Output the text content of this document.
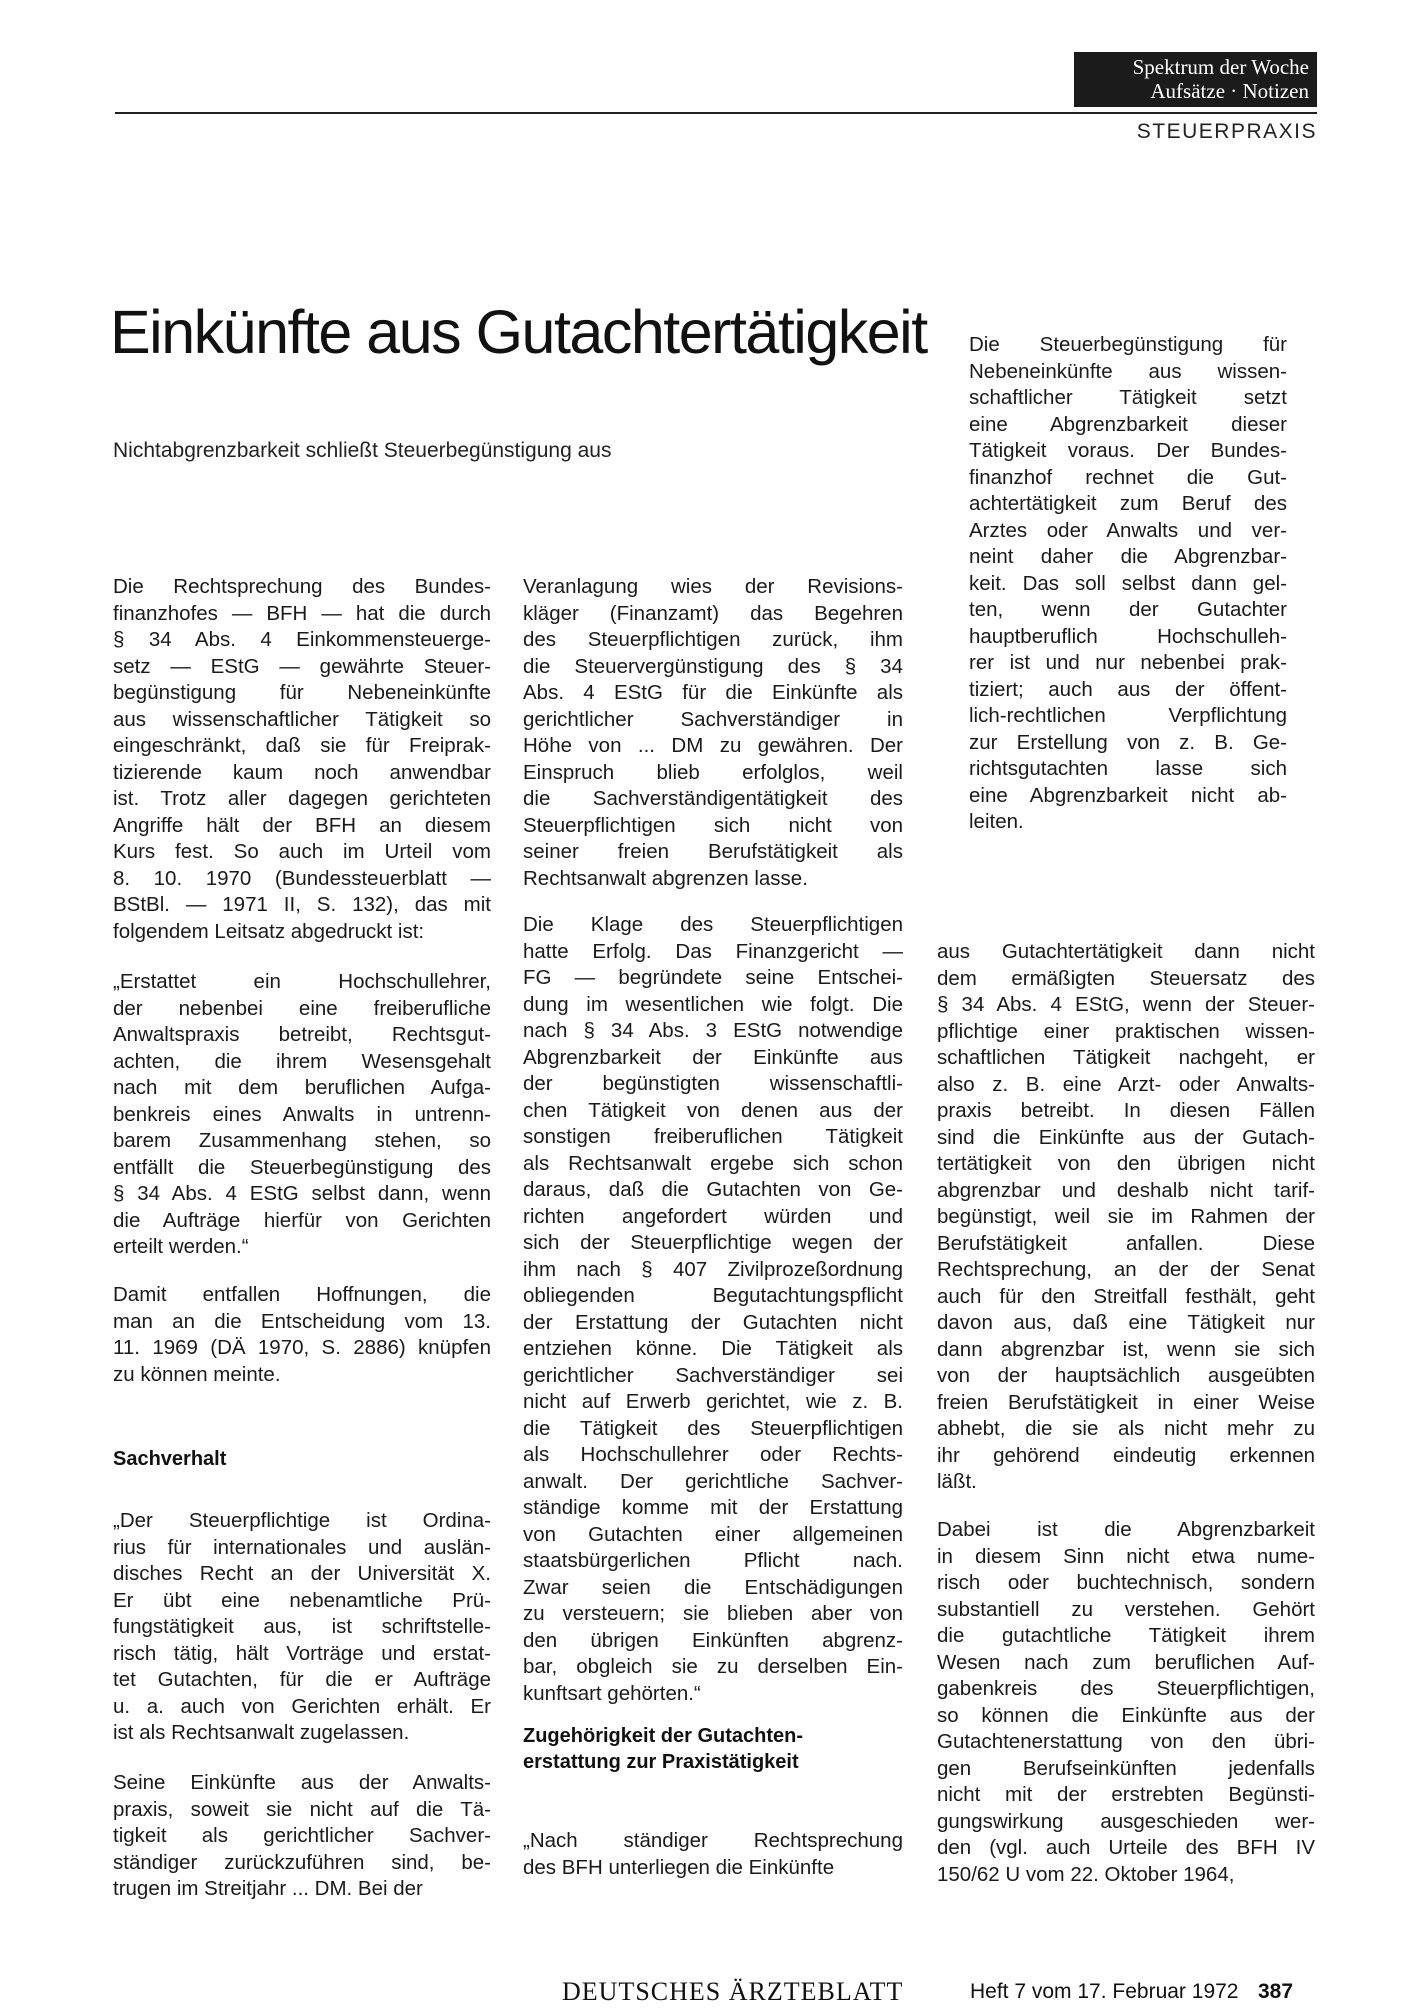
Spektrum der Woche
Aufsätze · Notizen
STEUERPRAXIS
Einkünfte aus Gutachtertätigkeit
Nichtabgrenzbarkeit schließt Steuerbegünstigung aus
Die Rechtsprechung des Bundes-
finanzhofes — BFH — hat die durch
§ 34 Abs. 4 Einkommensteuerge-
setz — EStG — gewährte Steuer-
begünstigung für Nebeneinkünfte
aus wissenschaftlicher Tätigkeit so
eingeschränkt, daß sie für Freiprak-
tizierende kaum noch anwendbar
ist. Trotz aller dagegen gerichteten
Angriffe hält der BFH an diesem
Kurs fest. So auch im Urteil vom
8. 10. 1970 (Bundessteuerblatt —
BStBl. — 1971 II, S. 132), das mit
folgendem Leitsatz abgedruckt ist:
„Erstattet ein Hochschullehrer,
der nebenbei eine freiberufliche
Anwaltspraxis betreibt, Rechtsgut-
achten, die ihrem Wesensgehalt
nach mit dem beruflichen Aufga-
benkreis eines Anwalts in untrenn-
barem Zusammenhang stehen, so
entfällt die Steuerbegünstigung des
§ 34 Abs. 4 EStG selbst dann, wenn
die Aufträge hierfür von Gerichten
erteilt werden.“
Damit entfallen Hoffnungen, die
man an die Entscheidung vom 13.
11. 1969 (DÄ 1970, S. 2886) knüpfen
zu können meinte.
Sachverhalt
„Der Steuerpflichtige ist Ordina-
rius für internationales und auslän-
disches Recht an der Universität X.
Er übt eine nebenamtliche Prü-
fungstätigkeit aus, ist schriftstelle-
risch tätig, hält Vorträge und erstat-
tet Gutachten, für die er Aufträge
u. a. auch von Gerichten erhält. Er
ist als Rechtsanwalt zugelassen.
Seine Einkünfte aus der Anwalts-
praxis, soweit sie nicht auf die Tä-
tigkeit als gerichtlicher Sachver-
ständiger zurückzuführen sind, be-
trugen im Streitjahr ... DM. Bei der
Veranlagung wies der Revisions-
kläger (Finanzamt) das Begehren
des Steuerpflichtigen zurück, ihm
die Steuervergünstigung des § 34
Abs. 4 EStG für die Einkünfte als
gerichtlicher Sachverständiger in
Höhe von ... DM zu gewähren. Der
Einspruch blieb erfolglos, weil
die Sachverständigentätigkeit des
Steuerpflichtigen sich nicht von
seiner freien Berufstätigkeit als
Rechtsanwalt abgrenzen lasse.
Die Klage des Steuerpflichtigen
hatte Erfolg. Das Finanzgericht —
FG — begründete seine Entschei-
dung im wesentlichen wie folgt. Die
nach § 34 Abs. 3 EStG notwendige
Abgrenzbarkeit der Einkünfte aus
der begünstigten wissenschaftli-
chen Tätigkeit von denen aus der
sonstigen freiberuflichen Tätigkeit
als Rechtsanwalt ergebe sich schon
daraus, daß die Gutachten von Ge-
richten angefordert würden und
sich der Steuerpflichtige wegen der
ihm nach § 407 Zivilprozeßordnung
obliegenden Begutachtungspflicht
der Erstattung der Gutachten nicht
entziehen könne. Die Tätigkeit als
gerichtlicher Sachverständiger sei
nicht auf Erwerb gerichtet, wie z. B.
die Tätigkeit des Steuerpflichtigen
als Hochschullehrer oder Rechts-
anwalt. Der gerichtliche Sachver-
ständige komme mit der Erstattung
von Gutachten einer allgemeinen
staatsbürgerlichen Pflicht nach.
Zwar seien die Entschädigungen
zu versteuern; sie blieben aber von
den übrigen Einkünften abgrenz-
bar, obgleich sie zu derselben Ein-
kunftsart gehörten.“
Zugehörigkeit der Gutachten-
erstattung zur Praxistätigkeit
„Nach ständiger Rechtsprechung
des BFH unterliegen die Einkünfte
Die Steuerbegünstigung für
Nebeneinkünfte aus wissen-
schaftlicher Tätigkeit setzt
eine Abgrenzbarkeit dieser
Tätigkeit voraus. Der Bundes-
finanzhof rechnet die Gut-
achtertätigkeit zum Beruf des
Arztes oder Anwalts und ver-
neint daher die Abgrenzbar-
keit. Das soll selbst dann gel-
ten, wenn der Gutachter
hauptberuflich Hochschulleh-
rer ist und nur nebenbei prak-
tiziert; auch aus der öffent-
lich-rechtlichen Verpflichtung
zur Erstellung von z. B. Ge-
richtsgutachten lasse sich
eine Abgrenzbarkeit nicht ab-
leiten.
aus Gutachtertätigkeit dann nicht
dem ermäßigten Steuersatz des
§ 34 Abs. 4 EStG, wenn der Steuer-
pflichtige einer praktischen wissen-
schaftlichen Tätigkeit nachgeht, er
also z. B. eine Arzt- oder Anwalts-
praxis betreibt. In diesen Fällen
sind die Einkünfte aus der Gutach-
tertätigkeit von den übrigen nicht
abgrenzbar und deshalb nicht tarif-
begünstigt, weil sie im Rahmen der
Berufstätigkeit anfallen. Diese
Rechtsprechung, an der der Senat
auch für den Streitfall festhält, geht
davon aus, daß eine Tätigkeit nur
dann abgrenzbar ist, wenn sie sich
von der hauptsächlich ausgeübten
freien Berufstätigkeit in einer Weise
abhebt, die sie als nicht mehr zu
ihr gehörend eindeutig erkennen
läßt.
Dabei ist die Abgrenzbarkeit
in diesem Sinn nicht etwa nume-
risch oder buchtechnisch, sondern
substantiell zu verstehen. Gehört
die gutachtliche Tätigkeit ihrem
Wesen nach zum beruflichen Auf-
gabenkreis des Steuerpflichtigen,
so können die Einkünfte aus der
Gutachtenerstattung von den übri-
gen Berufseinkünften jedenfalls
nicht mit der erstrebten Begünsti-
gungswirkung ausgeschieden wer-
den (vgl. auch Urteile des BFH IV
150/62 U vom 22. Oktober 1964,
DEUTSCHES ÄRZTEBLATT	Heft 7 vom 17. Februar 1972 387
